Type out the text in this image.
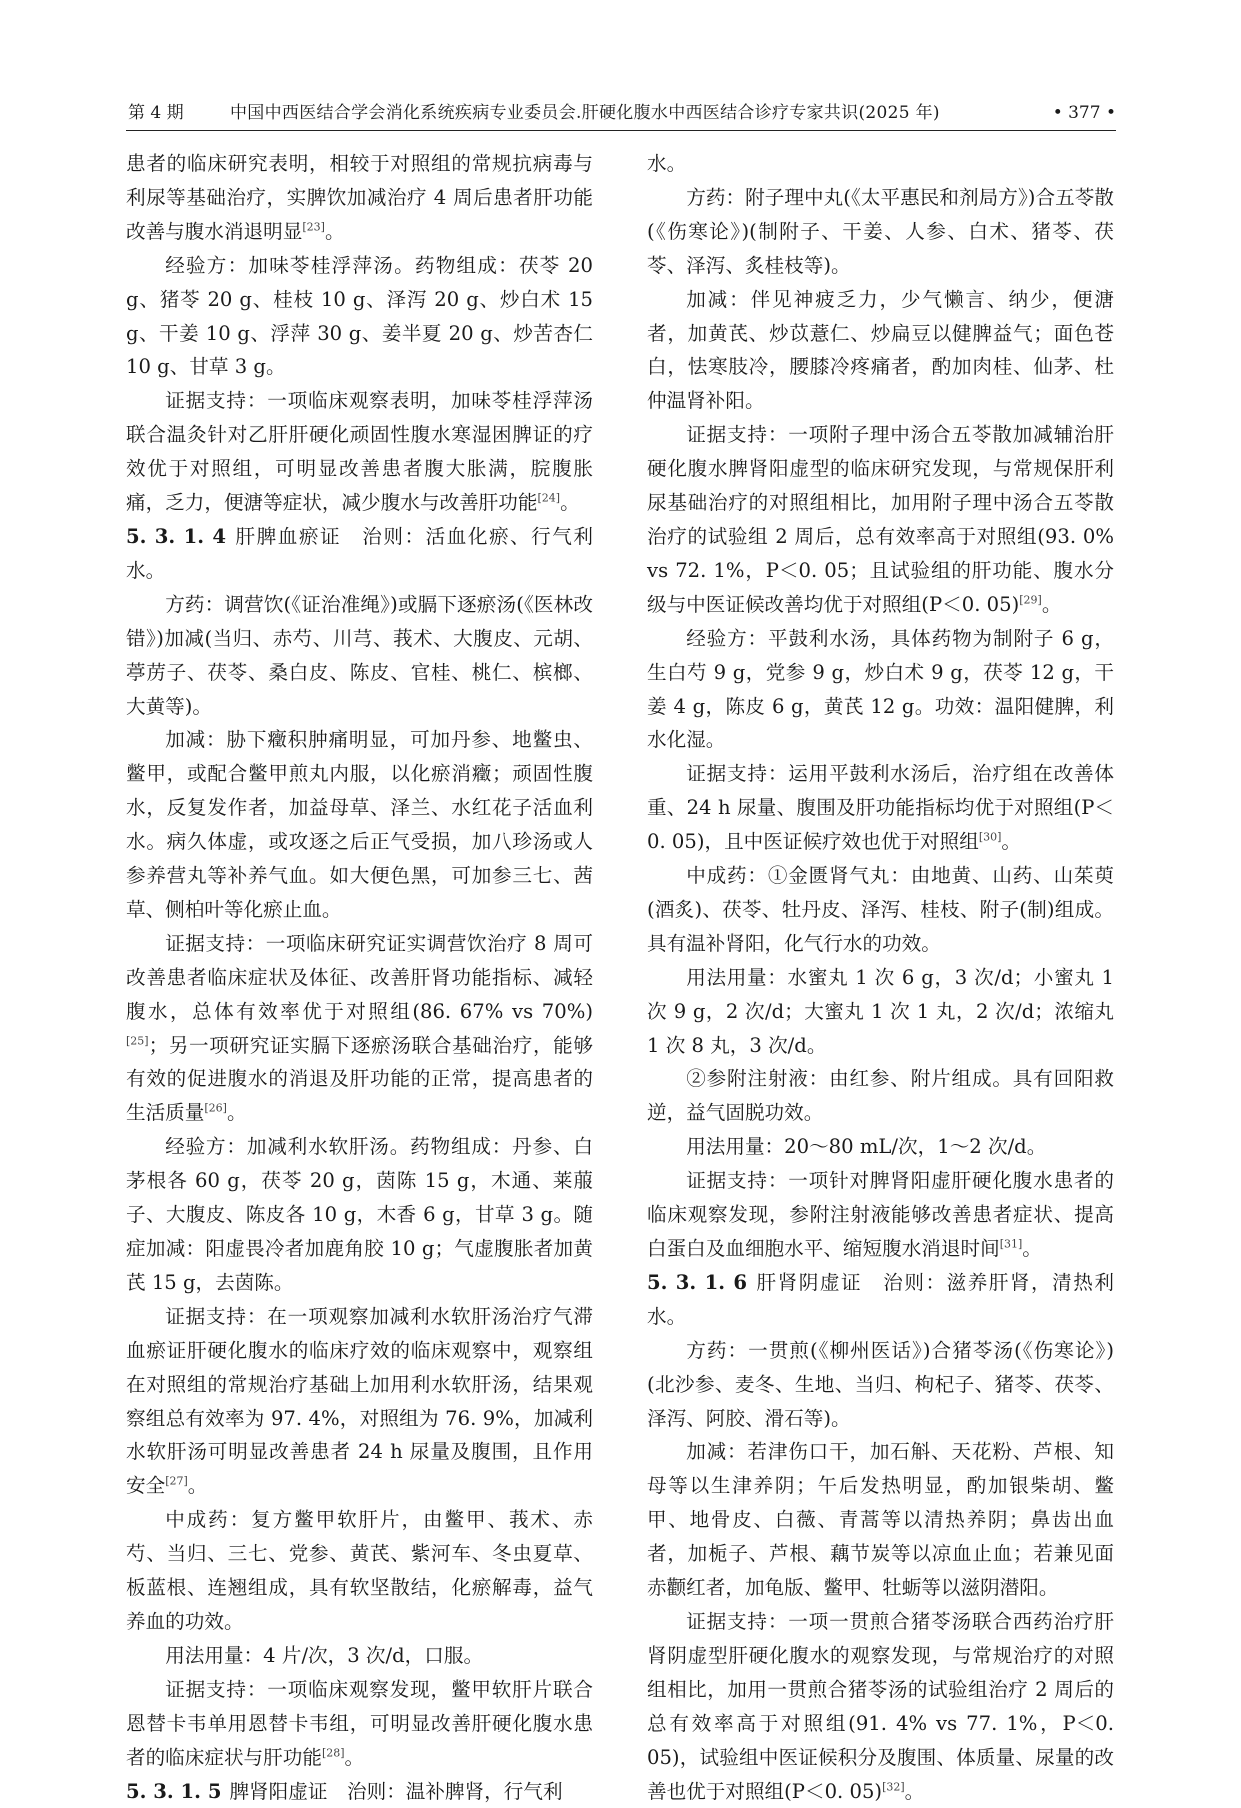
第 4 期	中国中西医结合学会消化系统疾病专业委员会.肝硬化腹水中西医结合诊疗专家共识(2025 年)	• 377 •

患者的临床研究表明，相较于对照组的常规抗病毒与利尿等基础治疗，实脾饮加减治疗 4 周后患者肝功能改善与腹水消退明显[23]。

经验方：加味苓桂浮萍汤。药物组成：茯苓 20 g、猪苓 20 g、桂枝 10 g、泽泻 20 g、炒白术 15 g、干姜 10 g、浮萍 30 g、姜半夏 20 g、炒苦杏仁 10 g、甘草 3 g。

证据支持：一项临床观察表明，加味苓桂浮萍汤联合温灸针对乙肝肝硬化顽固性腹水寒湿困脾证的疗效优于对照组，可明显改善患者腹大胀满，脘腹胀痛，乏力，便溏等症状，减少腹水与改善肝功能[24]。

5. 3. 1. 4 肝脾血瘀证　治则：活血化瘀、行气利水。

方药：调营饮(《证治准绳》)或膈下逐瘀汤(《医林改错》)加减(当归、赤芍、川芎、莪术、大腹皮、元胡、葶苈子、茯苓、桑白皮、陈皮、官桂、桃仁、槟榔、大黄等)。

加减：胁下癥积肿痛明显，可加丹参、地鳖虫、鳖甲，或配合鳖甲煎丸内服，以化瘀消癥；顽固性腹水，反复发作者，加益母草、泽兰、水红花子活血利水。病久体虚，或攻逐之后正气受损，加八珍汤或人参养营丸等补养气血。如大便色黑，可加参三七、茜草、侧柏叶等化瘀止血。

证据支持：一项临床研究证实调营饮治疗 8 周可改善患者临床症状及体征、改善肝肾功能指标、减轻腹水，总体有效率优于对照组(86. 67% vs 70%)[25]；另一项研究证实膈下逐瘀汤联合基础治疗，能够有效的促进腹水的消退及肝功能的正常，提高患者的生活质量[26]。

经验方：加减利水软肝汤。药物组成：丹参、白茅根各 60 g，茯苓 20 g，茵陈 15 g，木通、莱菔子、大腹皮、陈皮各 10 g，木香 6 g，甘草 3 g。随症加减：阳虚畏冷者加鹿角胶 10 g；气虚腹胀者加黄芪 15 g，去茵陈。

证据支持：在一项观察加减利水软肝汤治疗气滞血瘀证肝硬化腹水的临床疗效的临床观察中，观察组在对照组的常规治疗基础上加用利水软肝汤，结果观察组总有效率为 97. 4%，对照组为 76. 9%，加减利水软肝汤可明显改善患者 24 h 尿量及腹围，且作用安全[27]。

中成药：复方鳖甲软肝片，由鳖甲、莪术、赤芍、当归、三七、党参、黄芪、紫河车、冬虫夏草、板蓝根、连翘组成，具有软坚散结，化瘀解毒，益气养血的功效。

用法用量：4 片/次，3 次/d，口服。

证据支持：一项临床观察发现，鳖甲软肝片联合恩替卡韦单用恩替卡韦组，可明显改善肝硬化腹水患者的临床症状与肝功能[28]。

5. 3. 1. 5 脾肾阳虚证　治则：温补脾肾，行气利

水。

方药：附子理中丸(《太平惠民和剂局方》)合五苓散(《伤寒论》)(制附子、干姜、人参、白术、猪苓、茯苓、泽泻、炙桂枝等)。

加减：伴见神疲乏力，少气懒言、纳少，便溏者，加黄芪、炒苡薏仁、炒扁豆以健脾益气；面色苍白，怯寒肢冷，腰膝冷疼痛者，酌加肉桂、仙茅、杜仲温肾补阳。

证据支持：一项附子理中汤合五苓散加减辅治肝硬化腹水脾肾阳虚型的临床研究发现，与常规保肝利尿基础治疗的对照组相比，加用附子理中汤合五苓散治疗的试验组 2 周后，总有效率高于对照组(93. 0% vs 72. 1%，P＜0. 05；且试验组的肝功能、腹水分级与中医证候改善均优于对照组(P＜0. 05)[29]。

经验方：平鼓利水汤，具体药物为制附子 6 g，生白芍 9 g，党参 9 g，炒白术 9 g，茯苓 12 g，干姜 4 g，陈皮 6 g，黄芪 12 g。功效：温阳健脾，利水化湿。

证据支持：运用平鼓利水汤后，治疗组在改善体重、24 h 尿量、腹围及肝功能指标均优于对照组(P＜0. 05)，且中医证候疗效也优于对照组[30]。

中成药：①金匮肾气丸：由地黄、山药、山茱萸(酒炙)、茯苓、牡丹皮、泽泻、桂枝、附子(制)组成。具有温补肾阳，化气行水的功效。

用法用量：水蜜丸 1 次 6 g，3 次/d；小蜜丸 1 次 9 g，2 次/d；大蜜丸 1 次 1 丸，2 次/d；浓缩丸 1 次 8 丸，3 次/d。

②参附注射液：由红参、附片组成。具有回阳救逆，益气固脱功效。

用法用量：20～80 mL/次，1～2 次/d。

证据支持：一项针对脾肾阳虚肝硬化腹水患者的临床观察发现，参附注射液能够改善患者症状、提高白蛋白及血细胞水平、缩短腹水消退时间[31]。

5. 3. 1. 6 肝肾阴虚证　治则：滋养肝肾，清热利水。

方药：一贯煎(《柳州医话》)合猪苓汤(《伤寒论》)(北沙参、麦冬、生地、当归、枸杞子、猪苓、茯苓、泽泻、阿胶、滑石等)。

加减：若津伤口干，加石斛、天花粉、芦根、知母等以生津养阴；午后发热明显，酌加银柴胡、鳖甲、地骨皮、白薇、青蒿等以清热养阴；鼻齿出血者，加栀子、芦根、藕节炭等以凉血止血；若兼见面赤颧红者，加龟版、鳖甲、牡蛎等以滋阴潜阳。

证据支持：一项一贯煎合猪苓汤联合西药治疗肝肾阴虚型肝硬化腹水的观察发现，与常规治疗的对照组相比，加用一贯煎合猪苓汤的试验组治疗 2 周后的总有效率高于对照组(91. 4% vs 77. 1%，P＜0. 05)，试验组中医证候积分及腹围、体质量、尿量的改善也优于对照组(P＜0. 05)[32]。
